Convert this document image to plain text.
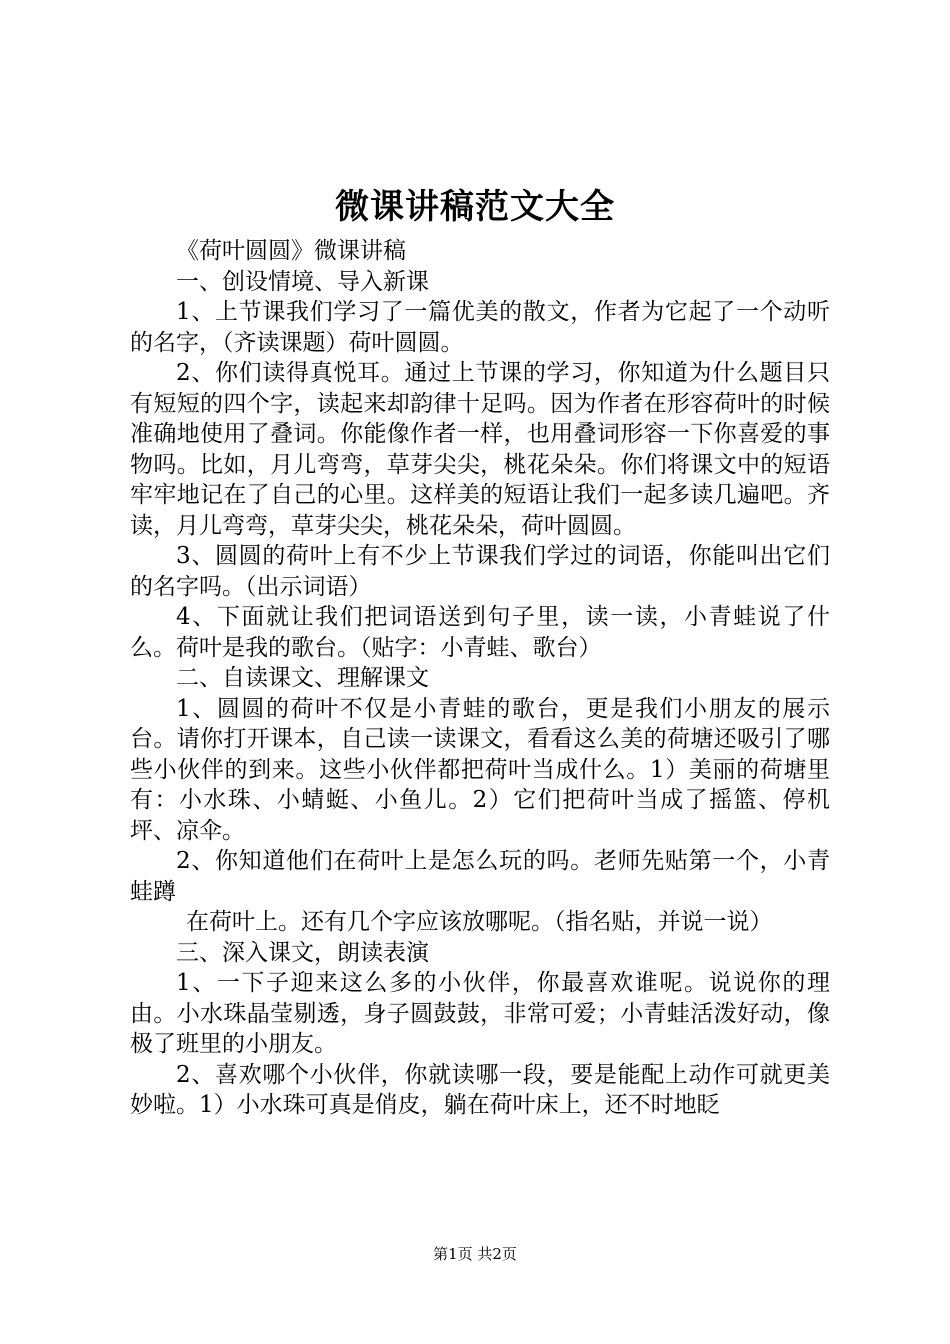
微课讲稿范文大全

《荷叶圆圆》微课讲稿

一、创设情境、导入新课

1、上节课我们学习了一篇优美的散文，作者为它起了一个动听的名字，（齐读课题）荷叶圆圆。

2、你们读得真悦耳。通过上节课的学习，你知道为什么题目只有短短的四个字，读起来却韵律十足吗。因为作者在形容荷叶的时候准确地使用了叠词。你能像作者一样，也用叠词形容一下你喜爱的事物吗。比如，月儿弯弯，草芽尖尖，桃花朵朵。你们将课文中的短语牢牢地记在了自己的心里。这样美的短语让我们一起多读几遍吧。齐读，月儿弯弯，草芽尖尖，桃花朵朵，荷叶圆圆。

3、圆圆的荷叶上有不少上节课我们学过的词语，你能叫出它们的名字吗。（出示词语）

4、下面就让我们把词语送到句子里，读一读，小青蛙说了什么。荷叶是我的歌台。（贴字：小青蛙、歌台）

二、自读课文、理解课文

1、圆圆的荷叶不仅是小青蛙的歌台，更是我们小朋友的展示台。请你打开课本，自己读一读课文，看看这么美的荷塘还吸引了哪些小伙伴的到来。这些小伙伴都把荷叶当成什么。1）美丽的荷塘里有：小水珠、小蜻蜓、小鱼儿。2）它们把荷叶当成了摇篮、停机坪、凉伞。

2、你知道他们在荷叶上是怎么玩的吗。老师先贴第一个，小青蛙蹲

在荷叶上。还有几个字应该放哪呢。（指名贴，并说一说）

三、深入课文，朗读表演

1、一下子迎来这么多的小伙伴，你最喜欢谁呢。说说你的理由。小水珠晶莹剔透，身子圆鼓鼓，非常可爱；小青蛙活泼好动，像极了班里的小朋友。

2、喜欢哪个小伙伴，你就读哪一段，要是能配上动作可就更美妙啦。1）小水珠可真是俏皮，躺在荷叶床上，还不时地眨

第1页 共2页
